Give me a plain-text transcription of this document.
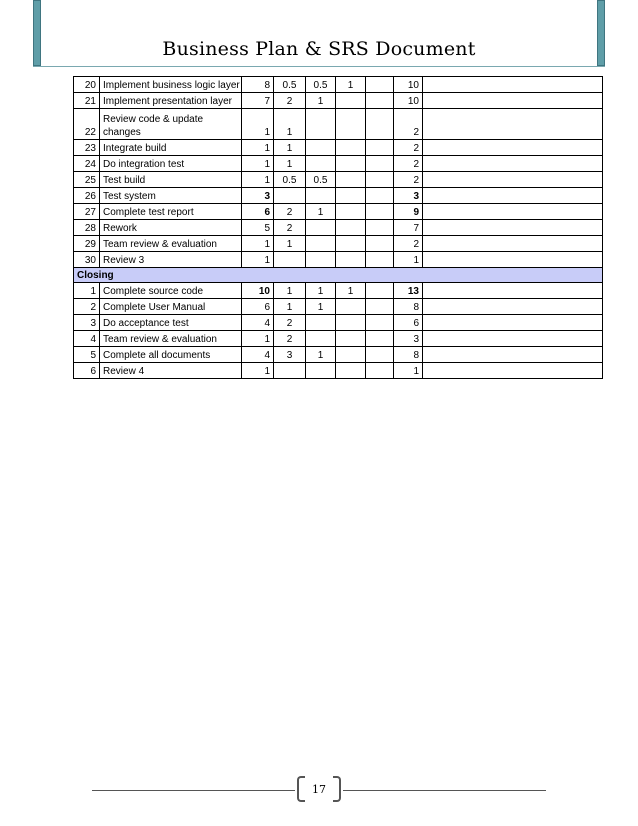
Business Plan & SRS Document
20	Implement business logic layer	8	0.5	0.5	1		10	
21	Implement presentation layer	7	2	1			10	
22	Review code & update changes	1	1				2	
23	Integrate build	1	1				2	
24	Do integration test	1	1				2	
25	Test build	1	0.5	0.5			2	
26	Test system	3					3	
27	Complete test report	6	2	1			9	
28	Rework	5	2				7	
29	Team review & evaluation	1	1				2	
30	Review 3	1					1	
Closing								
1	Complete source code	10	1	1	1		13	
2	Complete User Manual	6	1	1			8	
3	Do acceptance test	4	2				6	
4	Team review & evaluation	1	2				3	
5	Complete all documents	4	3	1			8	
6	Review 4	1					1	
17
